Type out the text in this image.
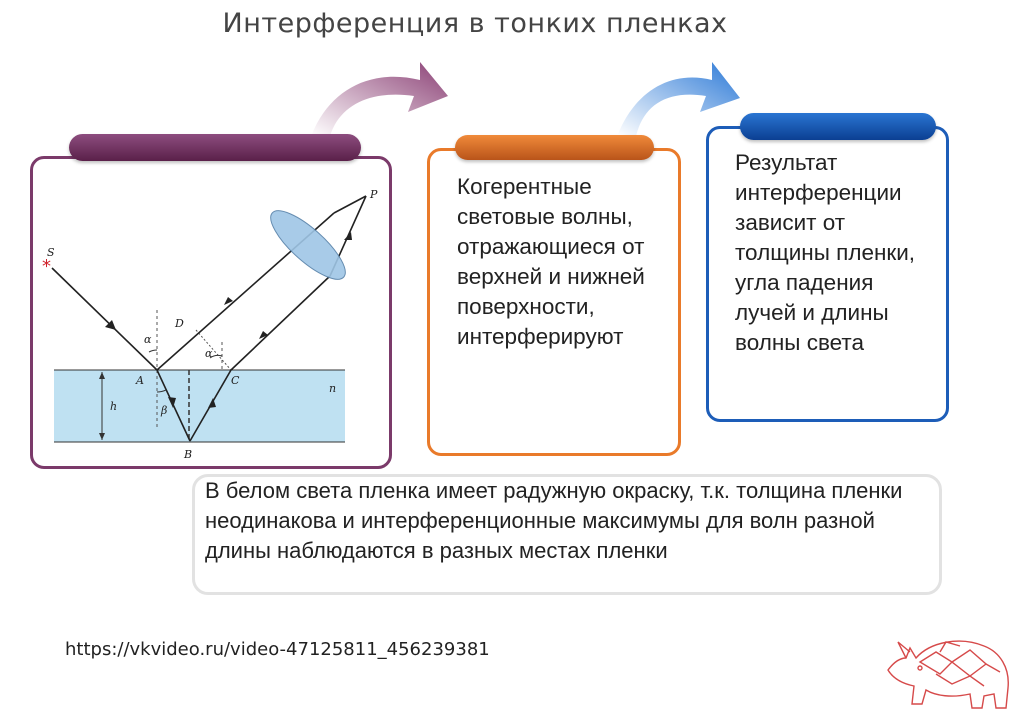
Интерференция в тонких пленках
*
S
P
D
A	C
B
h
n
α
α
β
Когерентные световые волны, отражающиеся от верхней и нижней поверхности, интерферируют
Результат интерференции зависит от толщины пленки, угла падения лучей и длины волны света
В белом света пленка имеет радужную окраску, т.к. толщина пленки неодинакова и интерференционные максимумы для волн разной длины наблюдаются в разных местах пленки
https://vkvideo.ru/video-47125811_456239381
